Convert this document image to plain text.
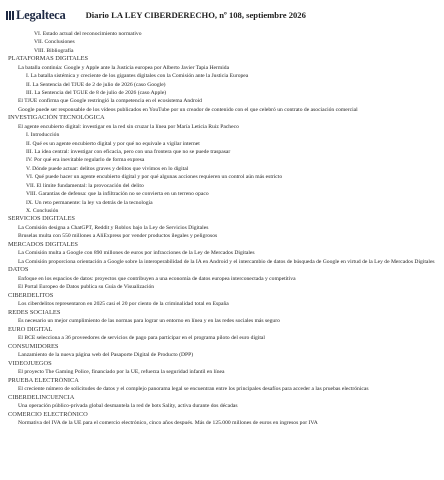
Legalteca Diario LA LEY CIBERDERECHO, nº 108, septiembre 2026
VI. Estado actual del reconocimiento normativo
VII. Conclusiones
VIII. Bibliografía
PLATAFORMAS DIGITALES
La batalla continúa: Google y Apple ante la Justicia europea por Alberto Javier Tapia Hermida
I. La batalla sistémica y creciente de los gigantes digitales con la Comisión ante la Justicia Europea
II. La Sentencia del TJUE de 2 de julio de 2026 (caso Google)
III. La Sentencia del TGUE de 8 de julio de 2026 (caso Apple)
El TJUE confirma que Google restringió la competencia en el ecosistema Android
Google puede ser responsable de los vídeos publicados en YouTube por un creador de contenido con el que celebró un contrato de asociación comercial
INVESTIGACIÓN TECNOLÓGICA
El agente encubierto digital: investigar en la red sin cruzar la línea por María Leticia Ruiz Pacheco
I. Introducción
II. Qué es un agente encubierto digital y por qué no equivale a vigilar internet
III. La idea central: investigar con eficacia, pero con una frontera que no se puede traspasar
IV. Por qué era inevitable regularlo de forma expresa
V. Dónde puede actuar: delitos graves y delitos que vivimos en lo digital
VI. Qué puede hacer un agente encubierto digital y por qué algunas acciones requieren un control aún más estricto
VII. El límite fundamental: la provocación del delito
VIII. Garantías de defensa: que la infiltración no se convierta en un terreno opaco
IX. Un reto permanente: la ley va detrás de la tecnología
X. Conclusión
SERVICIOS DIGITALES
La Comisión designa a ChatGPT, Reddit y Roblox bajo la Ley de Servicios Digitales
Bruselas multa con 550 millones a AliExpress por vender productos ilegales y peligrosos
MERCADOS DIGITALES
La Comisión multa a Google con 890 millones de euros por infracciones de la Ley de Mercados Digitales
La Comisión proporciona orientación a Google sobre la interoperabilidad de la IA en Android y el intercambio de datos de búsqueda de Google en virtud de la Ley de Mercados Digitales
DATOS
Enfoque en los espacios de datos: proyectos que contribuyen a una economía de datos europea interconectada y competitiva
El Portal Europeo de Datos publica su Guía de Visualización
CIBERDELITOS
Los ciberdelitos representaron en 2025 casi el 20 por ciento de la criminalidad total en España
REDES SOCIALES
Es necesario un mejor cumplimiento de las normas para lograr un entorno en línea y en las redes sociales más seguro
EURO DIGITAL
El BCE selecciona a 36 proveedores de servicios de pago para participar en el programa piloto del euro digital
CONSUMIDORES
Lanzamiento de la nueva página web del Pasaporte Digital de Producto (DPP)
VIDEOJUEGOS
El proyecto The Gaming Police, financiado por la UE, refuerza la seguridad infantil en línea
PRUEBA ELECTRÓNICA
El creciente número de solicitudes de datos y el complejo panorama legal se encuentran entre los principales desafíos para acceder a las pruebas electrónicas
CIBERDELINCUENCIA
Una operación público-privada global desmantela la red de bots Sality, activa durante dos décadas
COMERCIO ELECTRÓNICO
Normativa del IVA de la UE para el comercio electrónico, cinco años después. Más de 125.000 millones de euros en ingresos por IVA
